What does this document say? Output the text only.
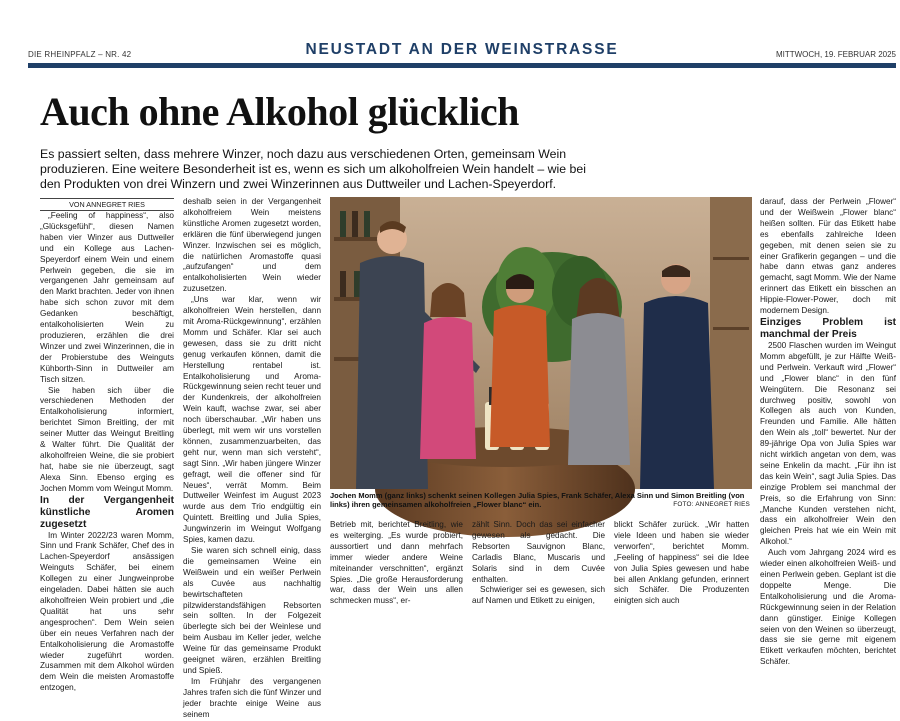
DIE RHEINPFALZ – NR. 42	NEUSTADT AN DER WEINSTRASSE	MITTWOCH, 19. FEBRUAR 2025
Auch ohne Alkohol glücklich
Es passiert selten, dass mehrere Winzer, noch dazu aus verschiedenen Orten, gemeinsam Wein produzieren. Eine weitere Besonderheit ist es, wenn es sich um alkoholfreien Wein handelt – wie bei den Produkten von drei Winzern und zwei Winzerinnen aus Duttweiler und Lachen-Speyerdorf.
VON ANNEGRET RIES

„Feeling of happiness“, also „Glücksgefühl“, diesen Namen haben vier Winzer aus Duttweiler und ein Kollege aus Lachen-Speyerdorf einem Wein und einem Perlwein gegeben, die sie im vergangenen Jahr gemeinsam auf den Markt brachten. Jeder von ihnen habe sich schon zuvor mit dem Gedanken beschäftigt, entalkoholisierten Wein zu produzieren, erzählen die drei Winzer und zwei Winzerinnen, die in der Probierstube des Weinguts Kühborth-Sinn in Duttweiler am Tisch sitzen.

Sie haben sich über die verschiedenen Methoden der Entalkoholisierung informiert, berichtet Simon Breitling, der mit seiner Mutter das Weingut Breitling & Walter führt. Die Qualität der alkoholfreien Weine, die sie probiert hat, habe sie nie überzeugt, sagt Alexa Sinn. Ebenso erging es Jochen Momm vom Weingut Momm.

In der Vergangenheit künstliche Aromen zugesetzt

Im Winter 2022/23 waren Momm, Sinn und Frank Schäfer, Chef des in Lachen-Speyerdorf ansässigen Weinguts Schäfer, bei einem Kollegen zu einer Jungweinprobe eingeladen. Dabei hätten sie auch alkoholfreien Wein probiert und „die Qualität hat uns sehr angesprochen“. Dem Wein seien über ein neues Verfahren nach der Entalkoholisierung die Aromastoffe wieder zugeführt worden. Zusammen mit dem Alkohol würden dem Wein die meisten Aromastoffe entzogen,

deshalb seien in der Vergangenheit alkoholfreiem Wein meistens künstliche Aromen zugesetzt worden, erklären die fünf überwiegend jungen Winzer. Inzwischen sei es möglich, die natürlichen Aromastoffe quasi „aufzufangen“ und dem entalkoholisierten Wein wieder zuzusetzen.

„Uns war klar, wenn wir alkoholfreien Wein herstellen, dann mit Aroma-Rückgewinnung“, erzählen Momm und Schäfer. Klar sei auch gewesen, dass sie zu dritt nicht genug verkaufen können, damit die Herstellung rentabel ist. Entalkoholisierung und Aroma-Rückgewinnung seien recht teuer und der Kundenkreis, der alkoholfreien Wein kauft, wachse zwar, sei aber noch überschaubar. „Wir haben uns überlegt, mit wem wir uns vorstellen können, zusammenzuarbeiten, das geht nur, wenn man sich versteht“, sagt Sinn. „Wir haben jüngere Winzer gefragt, weil die offener sind für Neues“, verrät Momm. Beim Duttweiler Weinfest im August 2023 wurde aus dem Trio endgültig ein Quintett. Breitling und Julia Spies, Jungwinzerin im Weingut Wolfgang Spies, kamen dazu.

Sie waren sich schnell einig, dass die gemeinsamen Weine ein Weißwein und ein weißer Perlwein als Cuvée aus nachhaltig bewirtschafteten pilzwiderstandsfähigen Rebsorten sein sollten. In der Folgezeit überlegte sich bei der Weinlese und beim Ausbau im Keller jeder, welche Weine für das gemeinsame Produkt geeignet wären, erzählen Breitling und Spieß.

Im Frühjahr des vergangenen Jahres trafen sich die fünf Winzer und jeder brachte einige Weine aus seinem

Jochen Momm (ganz links) schenkt seinen Kollegen Julia Spies, Frank Schäfer, Alexa Sinn und Simon Breitling (von links) ihren gemeinsamen alkoholfreien „Flower blanc“ ein.	FOTO: ANNEGRET RIES

Betrieb mit, berichtet Breitling, wie es weiterging. „Es wurde probiert, aussortiert und dann mehrfach immer wieder andere Weine miteinander verschnitten“, ergänzt Spies. „Die große Herausforderung war, dass der Wein uns allen schmecken muss“, er-

zählt Sinn. Doch das sei einfacher gewesen als gedacht. Die Rebsorten Sauvignon Blanc, Carladis Blanc, Muscaris und Solaris sind in dem Cuvée enthalten.

Schwieriger sei es gewesen, sich auf Namen und Etikett zu einigen,

blickt Schäfer zurück. „Wir hatten viele Ideen und haben sie wieder verworfen“, berichtet Momm. „Feeling of happiness“ sei die Idee von Julia Spies gewesen und habe bei allen Anklang gefunden, erinnert sich Schäfer. Die Produzenten einigten sich auch

darauf, dass der Perlwein „Flower“ und der Weißwein „Flower blanc“ heißen sollten. Für das Etikett habe es ebenfalls zahlreiche Ideen gegeben, mit denen seien sie zu einer Grafikerin gegangen – und die habe dann etwas ganz anderes gemacht, sagt Momm. Wie der Name erinnert das Etikett ein bisschen an Hippie-Flower-Power, doch mit modernem Design.

Einziges Problem ist manchmal der Preis

2500 Flaschen wurden im Weingut Momm abgefüllt, je zur Hälfte Weiß- und Perlwein. Verkauft wird „Flower“ und „Flower blanc“ in den fünf Weingütern. Die Resonanz sei durchweg positiv, sowohl von Kollegen als auch von Kunden, Freunden und Familie. Alle hätten den Wein als „toll“ bewertet. Nur der 89-jährige Opa von Julia Spies war nicht wirklich angetan von dem, was seine Enkelin da macht. „Für ihn ist das kein Wein“, sagt Julia Spies. Das einzige Problem sei manchmal der Preis, so die Erfahrung von Sinn: „Manche Kunden verstehen nicht, dass ein alkoholfreier Wein den gleichen Preis hat wie ein Wein mit Alkohol.“

Auch vom Jahrgang 2024 wird es wieder einen alkoholfreien Weiß- und einen Perlwein geben. Geplant ist die doppelte Menge. Die Entalkoholisierung und die Aroma-Rückgewinnung seien in der Relation dann günstiger. Einige Kollegen seien von den Weinen so überzeugt, dass sie sie gerne mit eigenem Etikett verkaufen möchten, berichtet Schäfer.
